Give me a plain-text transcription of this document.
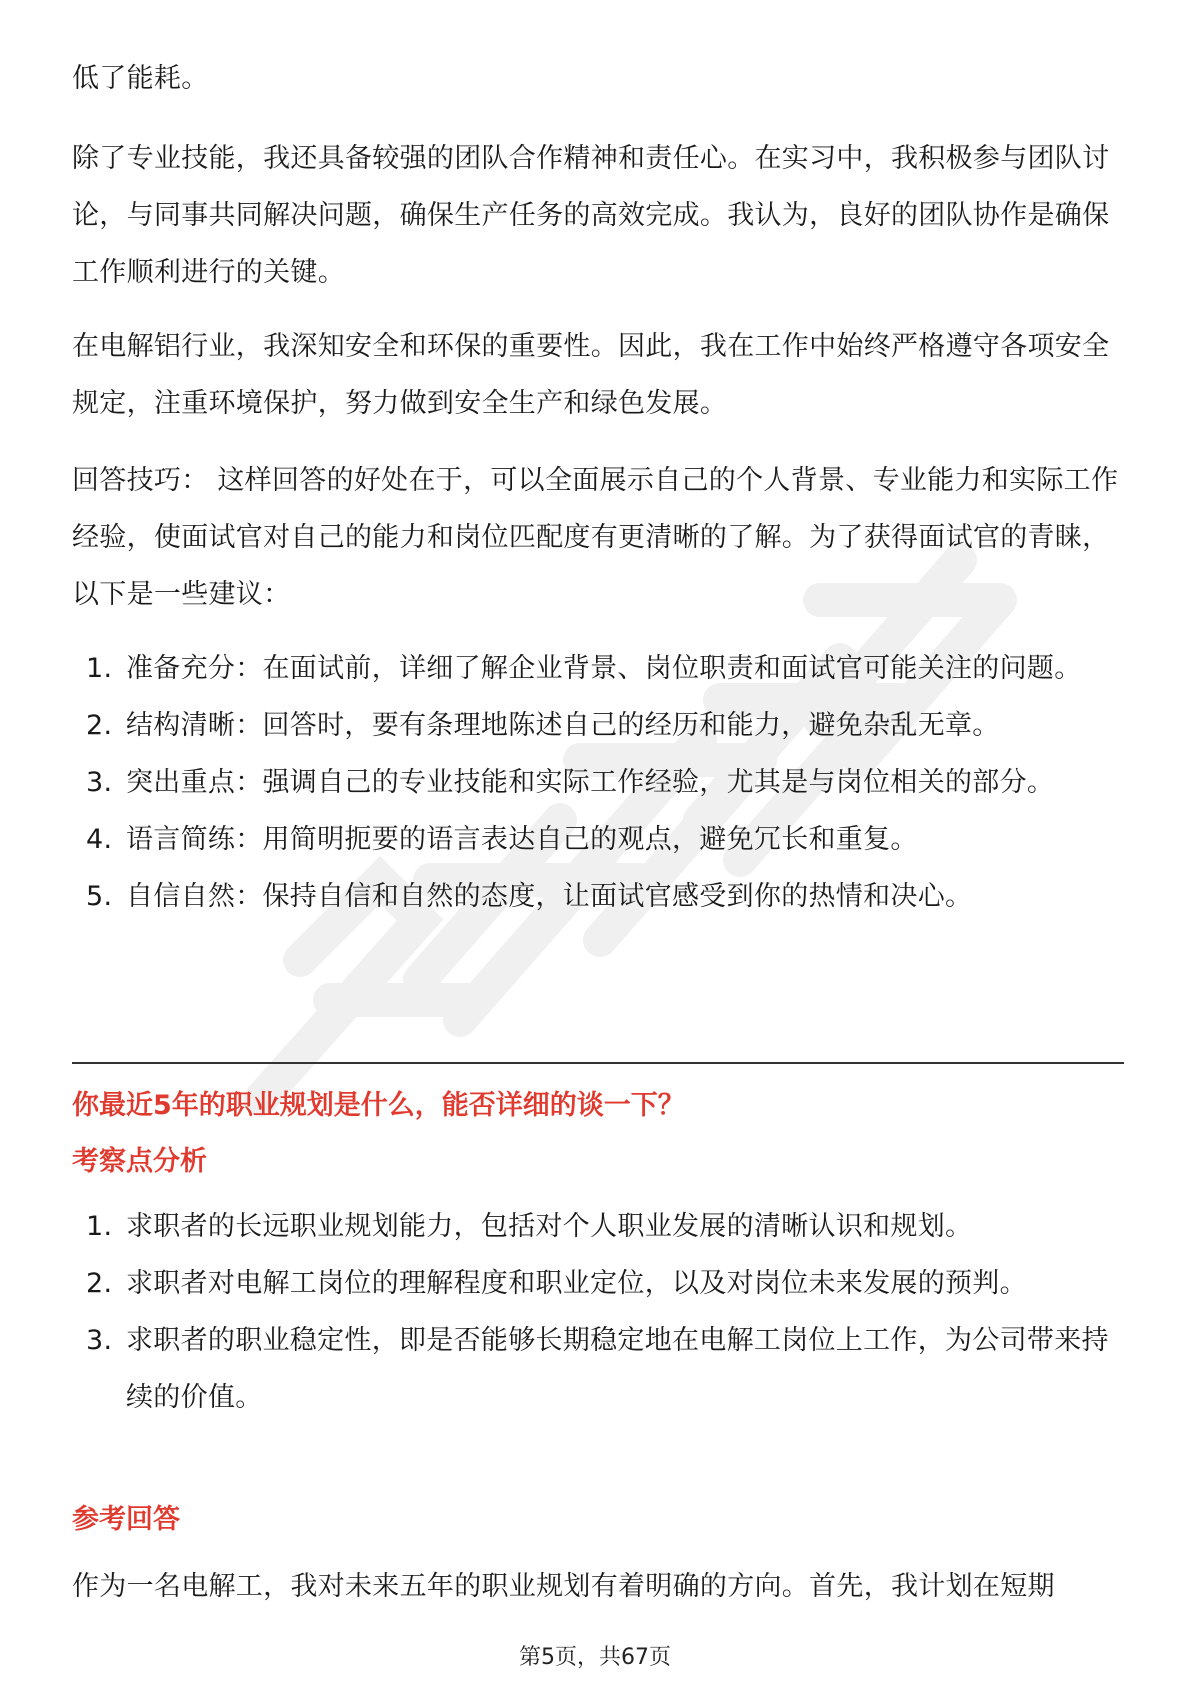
低了能耗。

除了专业技能，我还具备较强的团队合作精神和责任心。在实习中，我积极参与团队讨论，与同事共同解决问题，确保生产任务的高效完成。我认为，良好的团队协作是确保工作顺利进行的关键。

在电解铝行业，我深知安全和环保的重要性。因此，我在工作中始终严格遵守各项安全规定，注重环境保护，努力做到安全生产和绿色发展。

回答技巧： 这样回答的好处在于，可以全面展示自己的个人背景、专业能力和实际工作经验，使面试官对自己的能力和岗位匹配度有更清晰的了解。为了获得面试官的青睐，以下是一些建议：

1. 准备充分：在面试前，详细了解企业背景、岗位职责和面试官可能关注的问题。
2. 结构清晰：回答时，要有条理地陈述自己的经历和能力，避免杂乱无章。
3. 突出重点：强调自己的专业技能和实际工作经验，尤其是与岗位相关的部分。
4. 语言简练：用简明扼要的语言表达自己的观点，避免冗长和重复。
5. 自信自然：保持自信和自然的态度，让面试官感受到你的热情和决心。
你最近5年的职业规划是什么，能否详细的谈一下？
考察点分析
1. 求职者的长远职业规划能力，包括对个人职业发展的清晰认识和规划。
2. 求职者对电解工岗位的理解程度和职业定位，以及对岗位未来发展的预判。
3. 求职者的职业稳定性，即是否能够长期稳定地在电解工岗位上工作，为公司带来持续的价值。
参考回答

作为一名电解工，我对未来五年的职业规划有着明确的方向。首先，我计划在短期

第5页，共67页
